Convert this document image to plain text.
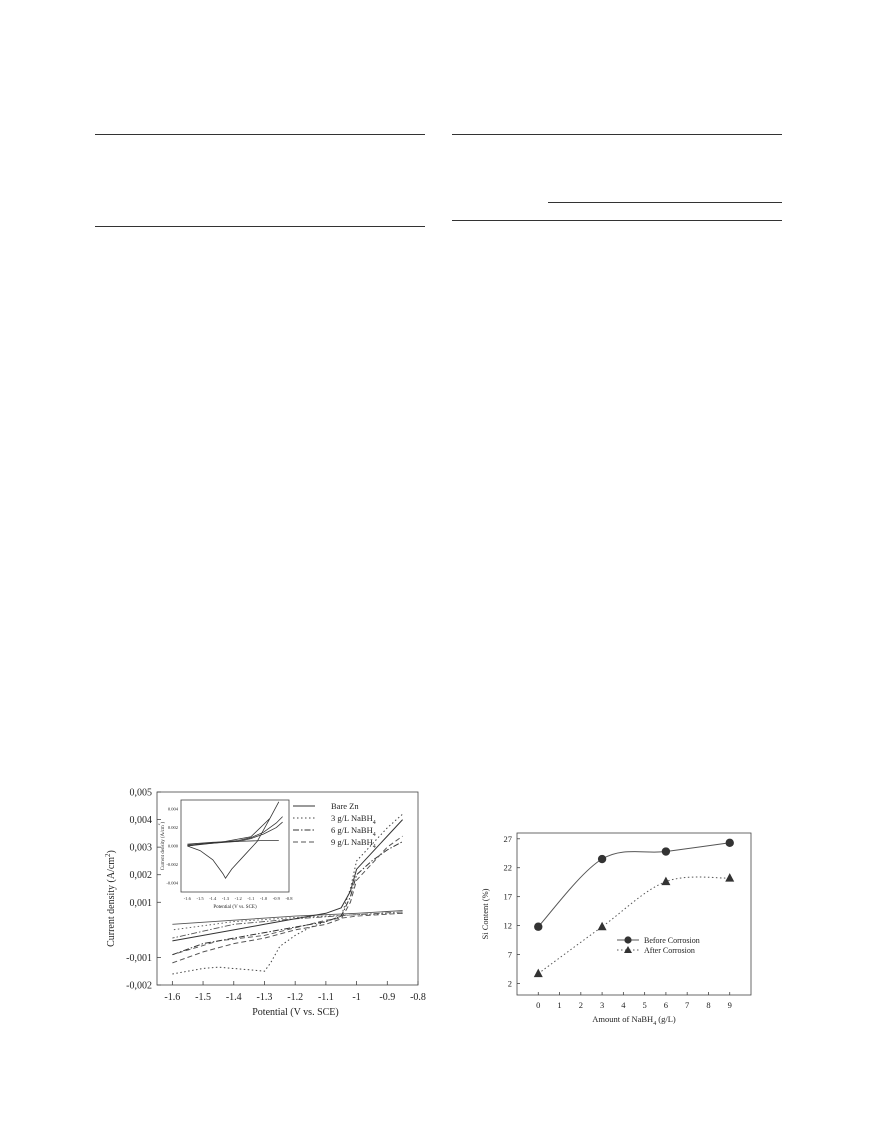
-1.6 -1.5 -1.4 -1.3 -1.2 -1.1 -1 -0.9 -0.8
-0,002
-0,001
0,001
0,002
0,003
0,004
0,005
Potential (V vs. SCE)
Current density $(A/cm^2)$
Bare Zn
3 g/L NaBH$_4$
6 g/L NaBH$_4$
9 g/L NaBH$_4$
-1.6 -1.5 -1.4 -1.3 -1.2 -1.1 -1.0 -0.9 -0.8
-0.004
-0.002
0.000
0.002
0.004
Potential (V vs. SCE)
Current density $(A/cm^2)$
0 1 2 3 4 5 6 7 8 9
2
7
12
17
22
27
Amount of NaBH$_4$ (g/L)
Si Content (%)
Before Corrosion
After Corrosion
